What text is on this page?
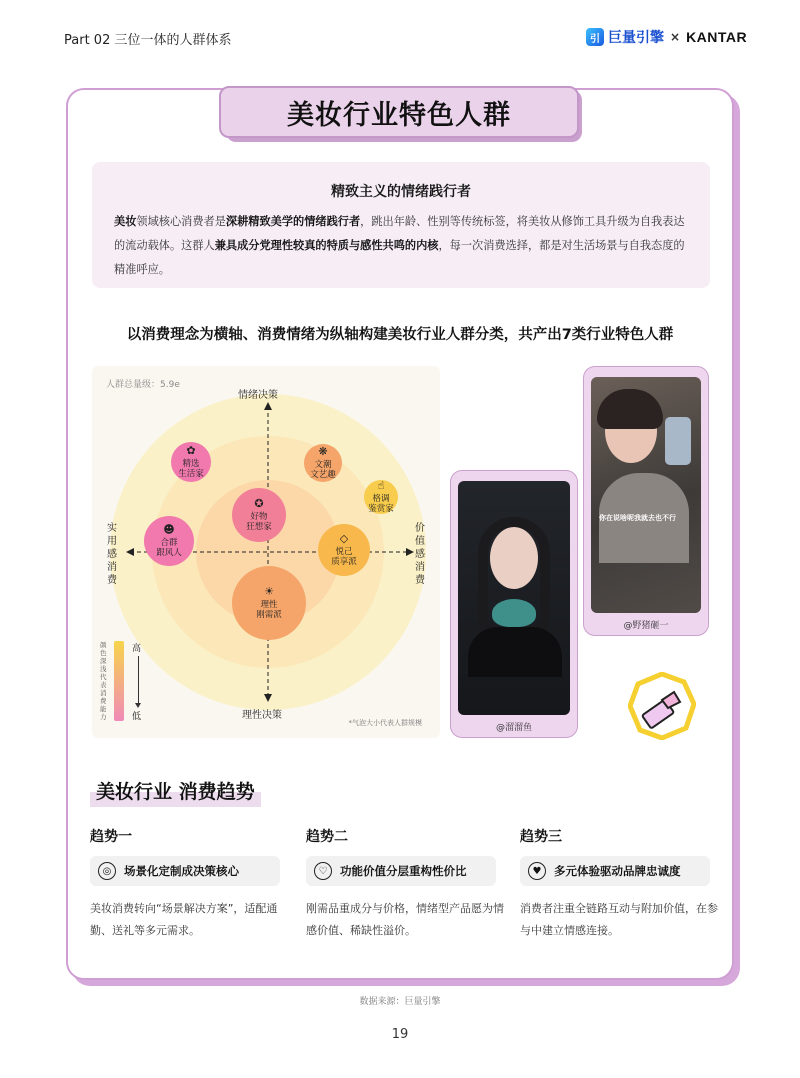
Part 02 三位一体的人群体系	引 巨量引擎 × KANTAR
美妆行业特色人群
精致主义的情绪践行者

美妆领域核心消费者是深耕精致美学的情绪践行者，跳出年龄、性别等传统标签，将美妆从修饰工具升级为自我表达的流动载体。这群人兼具成分党理性较真的特质与感性共鸣的内核，每一次消费选择，都是对生活场景与自我态度的精准呼应。

以消费理念为横轴、消费情绪为纵轴构建美妆行业人群分类，共产出7类行业特色人群
人群总量级：5.9e
情绪决策
理性决策
实用感消费
价值感消费
✿
精选
生活家
❋
文潮
文艺趣
☝
格调
鉴赏家
✪
好物
狂想家
☻
合群
跟风人
◇
悦己
质享派
☀
理性
刚需派
颜色深浅代表消费能力
高
低
*气泡大小代表人群规模	@溜溜鱼
你在说啥呢我就去也不行
@野猪砸一
美妆行业 消费趋势
趋势一
◎	场景化定制成决策核心
美妆消费转向“场景解决方案”，适配通勤、送礼等多元需求。
趋势二
♡	功能价值分层重构性价比
刚需品重成分与价格，情绪型产品愿为情感价值、稀缺性溢价。
趋势三
♥	多元体验驱动品牌忠诚度
消费者注重全链路互动与附加价值，在参与中建立情感连接。
数据来源：巨量引擎
19
